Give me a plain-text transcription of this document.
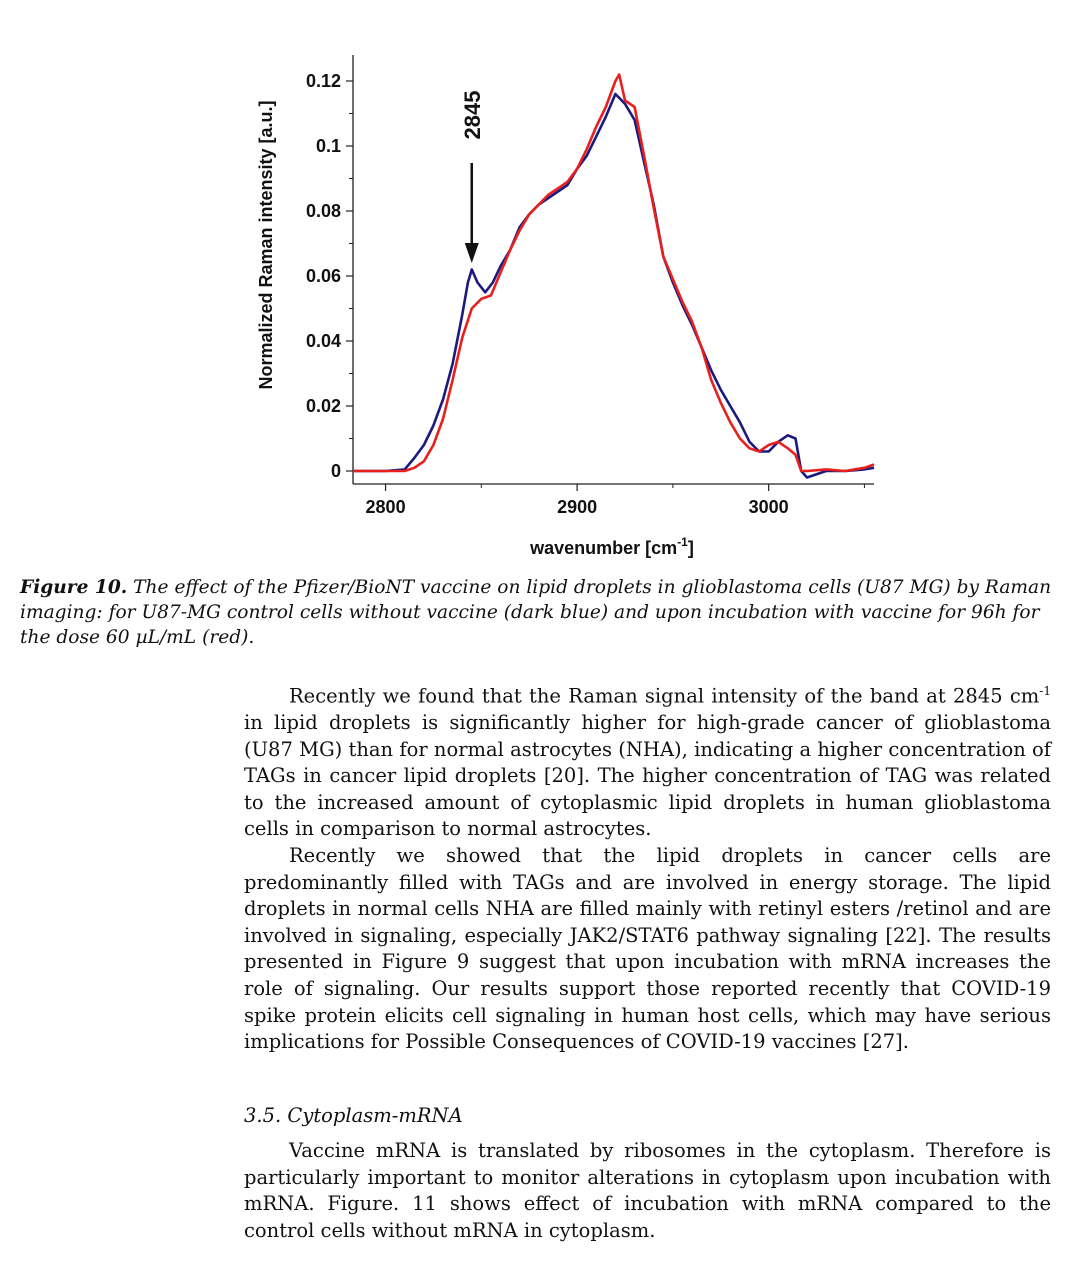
0
0.02
0.04
0.06
0.08
0.1
0.12
2800	2900	3000
2845
Normalized Raman intensity [a.u.]
wavenumber $[cm^{-1}]$
Figure 10. The effect of the Pfizer/BioNT vaccine on lipid droplets in glioblastoma cells (U87 MG) by Raman imaging: for U87-MG control cells without vaccine (dark blue) and upon incubation with vaccine for 96h for the dose 60 µL/mL (red).

Recently we found that the Raman signal intensity of the band at 2845 $cm^{-1}$ in lipid droplets is significantly higher for high-grade cancer of glioblastoma (U87 MG) than for normal astrocytes (NHA), indicating a higher concentration of TAGs in cancer lipid droplets [20]. The higher concentration of TAG was related to the increased amount of cytoplasmic lipid droplets in human glioblastoma cells in comparison to normal astrocytes.

Recently we showed that the lipid droplets in cancer cells are predominantly filled with TAGs and are involved in energy storage. The lipid droplets in normal cells NHA are filled mainly with retinyl esters /retinol and are involved in signaling, especially JAK2/STAT6 pathway signaling [22]. The results presented in Figure 9 suggest that upon incubation with mRNA increases the role of signaling. Our results support those reported recently that COVID-19 spike protein elicits cell signaling in human host cells, which may have serious implications for Possible Consequences of COVID-19 vaccines [27].

3.5. Cytoplasm-mRNA

Vaccine mRNA is translated by ribosomes in the cytoplasm. Therefore is particularly important to monitor alterations in cytoplasm upon incubation with mRNA. Figure. 11 shows effect of incubation with mRNA compared to the control cells without mRNA in cytoplasm.
